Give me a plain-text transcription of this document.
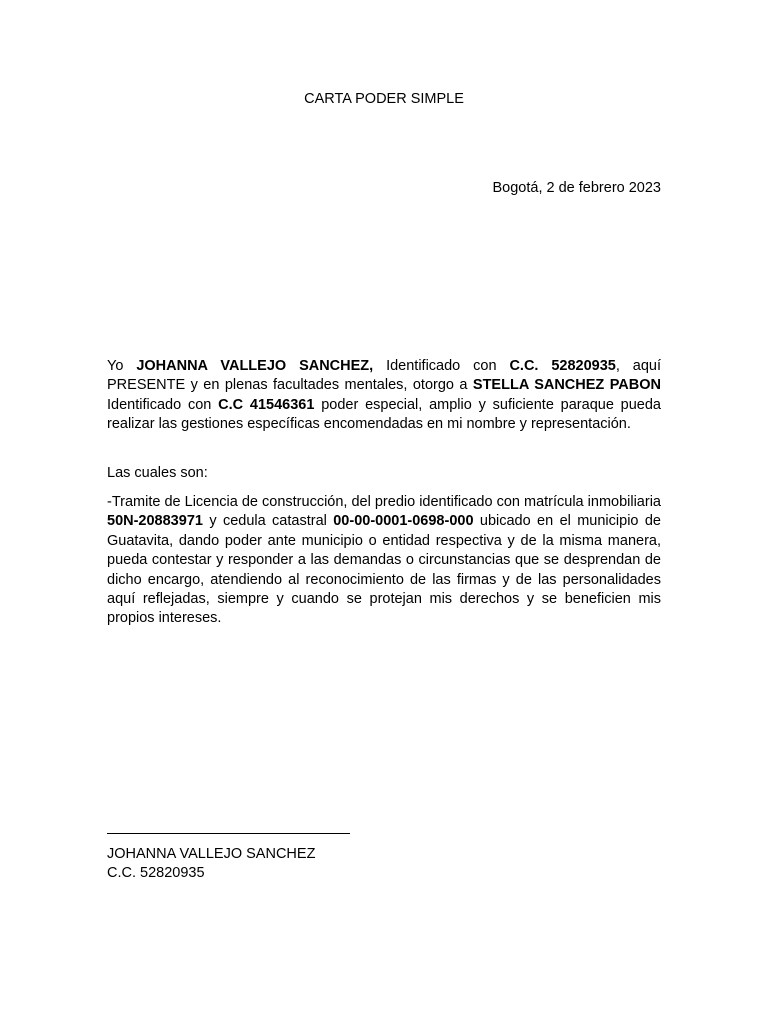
CARTA PODER SIMPLE
Bogotá, 2 de febrero 2023

Yo JOHANNA VALLEJO SANCHEZ, Identificado con C.C. 52820935, aquí PRESENTE y en plenas facultades mentales, otorgo a STELLA SANCHEZ PABON Identificado con C.C 41546361 poder especial, amplio y suficiente paraque pueda realizar las gestiones específicas encomendadas en mi nombre y representación.

Las cuales son:

-Tramite de Licencia de construcción, del predio identificado con matrícula inmobiliaria 50N-20883971 y cedula catastral 00-00-0001-0698-000 ubicado en el municipio de Guatavita, dando poder ante municipio o entidad respectiva y de la misma manera, pueda contestar y responder a las demandas o circunstancias que se desprendan de dicho encargo, atendiendo al reconocimiento de las firmas y de las personalidades aquí reflejadas, siempre y cuando se protejan mis derechos y se beneficien mis propios intereses.

JOHANNA VALLEJO SANCHEZ
C.C. 52820935
